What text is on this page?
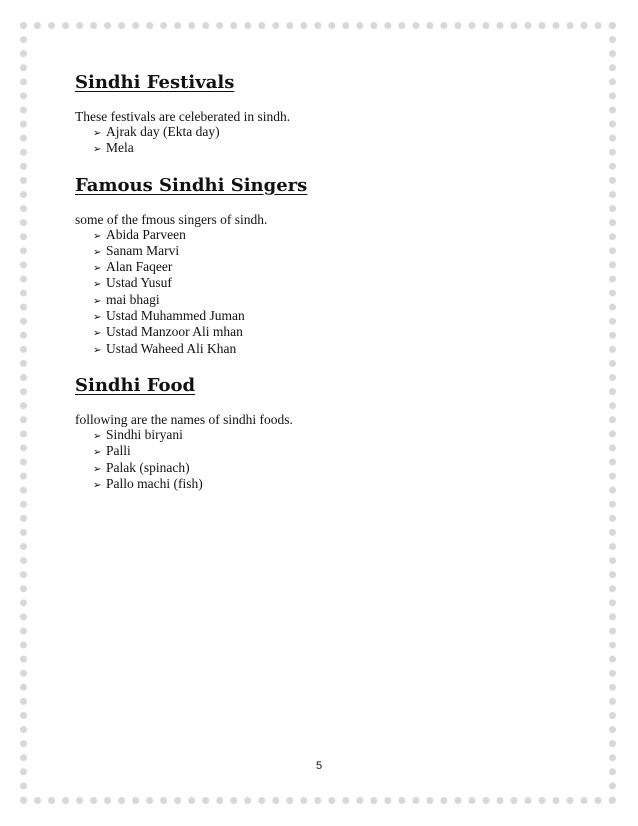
Sindhi Festivals

These festivals are celeberated in sindh.

➢ Ajrak day (Ekta day)
➢ Mela
Famous Sindhi Singers

some of the fmous singers of sindh.

➢ Abida Parveen
➢ Sanam Marvi
➢ Alan Faqeer
➢ Ustad Yusuf
➢ mai bhagi
➢ Ustad Muhammed Juman
➢ Ustad Manzoor Ali mhan
➢ Ustad Waheed Ali Khan
Sindhi Food

following are the names of sindhi foods.

➢ Sindhi biryani
➢ Palli
➢ Palak (spinach)
➢ Pallo machi (fish)
5
